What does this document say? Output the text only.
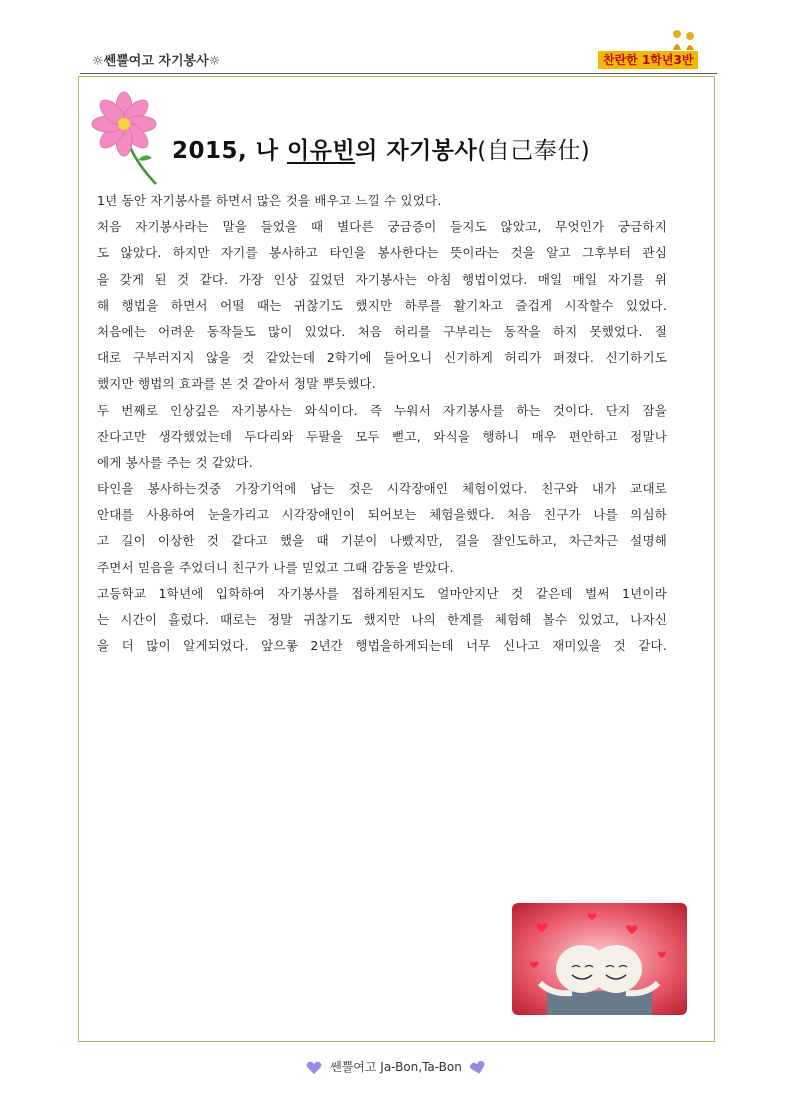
☼쎈뿔여고 자기봉사☼	찬란한 1학년3반
2015, 나 이유빈의 자기봉사(自己奉仕)
1년 동안 자기봉사를 하면서 많은 것을 배우고 느낄 수 있었다.
처음 자기봉사라는 말을 들었을 때 별다른 궁금증이 들지도 않았고, 무엇인가 궁금하지
도 않았다. 하지만 자기를 봉사하고 타인을 봉사한다는 뜻이라는 것을 알고 그후부터 관심
을 갖게 된 것 같다. 가장 인상 깊었던 자기봉사는 아침 행법이었다. 매일 매일 자기를 위
해 행법을 하면서 어떨 때는 귀찮기도 했지만 하루를 활기차고 즐겁게 시작할수 있었다.
처음에는 어려운 동작들도 많이 있었다. 처음 허리를 구부리는 동작을 하지 못했었다. 절
대로 구부러지지 않을 것 같았는데 2학기에 들어오니 신기하게 허리가 펴졌다. 신기하기도
했지만 행법의 효과를 본 것 같아서 정말 뿌듯했다.
두 번째로 인상깊은 자기봉사는 와식이다. 즉 누워서 자기봉사를 하는 것이다. 단지 잠을
잔다고만 생각했었는데 두다리와 두팔을 모두 뻗고, 와식을 행하니 매우 편안하고 정말나
에게 봉사를 주는 것 같았다.
타인을 봉사하는것중 가장기억에 남는 것은 시각장애인 체험이었다. 친구와 내가 교대로
안대를 사용하여 눈을가리고 시각장애인이 되어보는 체험을했다. 처음 친구가 나를 의심하
고 길이 이상한 것 같다고 했을 때 기분이 나빴지만, 길을 잘인도하고, 차근차근 설명해
주면서 믿음을 주었더니 친구가 나를 믿었고 그때 감동을 받았다.
고등학교 1학년에 입학하여 자기봉사를 접하게된지도 얼마안지난 것 같은데 벌써 1년이라
는 시간이 흘렀다. 때로는 정말 귀찮기도 했지만 나의 한계를 체험해 볼수 있었고, 나자신
을 더 많이 알게되었다. 앞으롷 2년간 행법을하게되는데 너무 신나고 재미있을 것 같다.
쎈뿔여고 Ja-Bon,Ta-Bon
